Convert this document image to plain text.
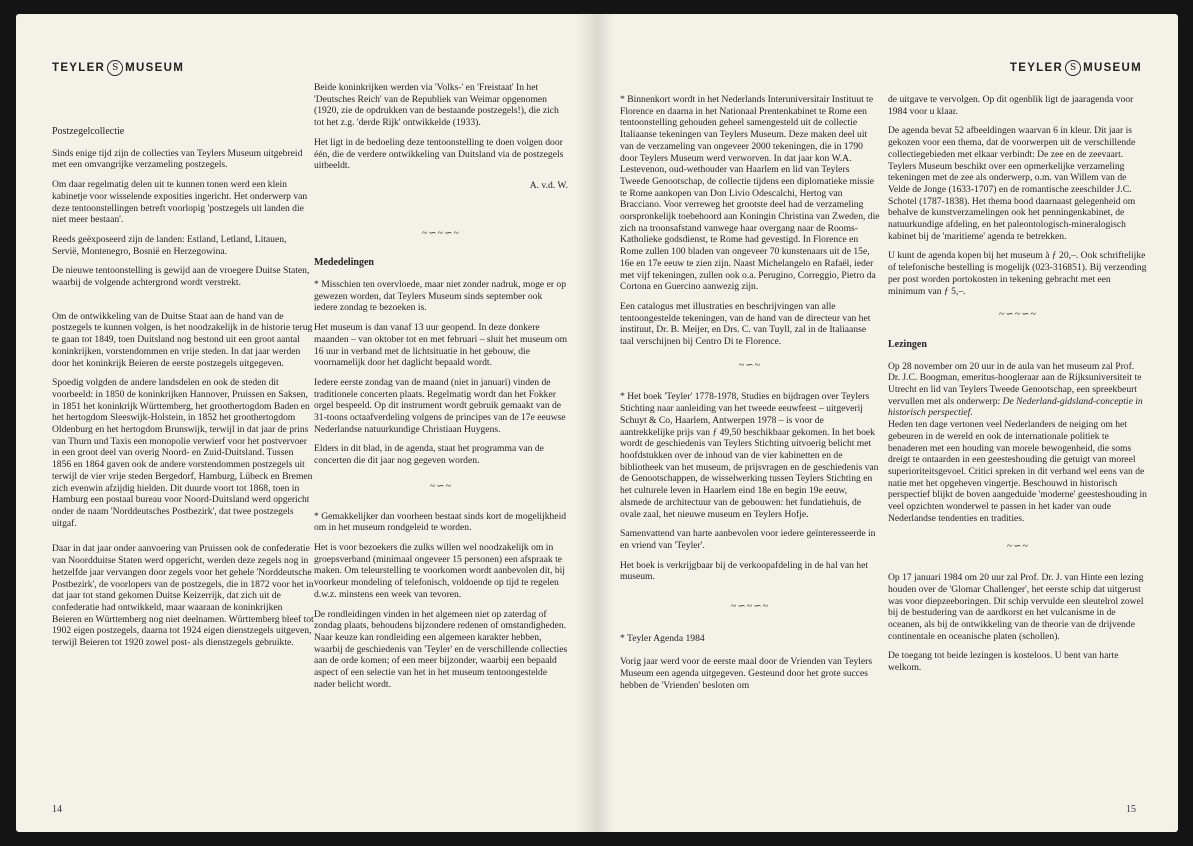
TEYLER S MUSEUM
Postzegelcollectie

Sinds enige tijd zijn de collecties van Teylers Museum uitgebreid met een omvangrijke verzameling postzegels.

Om daar regelmatig delen uit te kunnen tonen werd een klein kabinetje voor wisselende exposities ingericht. Het onderwerp van deze tentoonstellingen betreft voorlopig 'postzegels uit landen die niet meer bestaan'.

Reeds geëxposeerd zijn de landen: Estland, Letland, Litauen, Servië, Montenegro, Bosnië en Herzegowina.

De nieuwe tentoonstelling is gewijd aan de vroegere Duitse Staten, waarbij de volgende achtergrond wordt verstrekt.

Om de ontwikkeling van de Duitse Staat aan de hand van de postzegels te kunnen volgen, is het noodzakelijk in de historie terug te gaan tot 1849, toen Duitsland nog bestond uit een groot aantal koninkrijken, vorstendommen en vrije steden. In dat jaar werden door het koninkrijk Beieren de eerste postzegels uitgegeven.

Spoedig volgden de andere landsdelen en ook de steden dit voorbeeld: in 1850 de koninkrijken Hannover, Pruissen en Saksen, in 1851 het koninkrijk Württemberg, het groothertogdom Baden en het hertogdom Sleeswijk-Holstein, in 1852 het groothertogdom Oldenburg en het hertogdom Brunswijk, terwijl in dat jaar de prins van Thurn und Taxis een monopolie verwierf voor het postvervoer in een groot deel van overig Noord- en Zuid-Duitsland. Tussen 1856 en 1864 gaven ook de andere vorstendommen postzegels uit terwijl de vier vrije steden Bergedorf, Hamburg, Lübeck en Bremen zich evenwin afzijdig hielden. Dit duurde voort tot 1868, toen in Hamburg een postaal bureau voor Noord-Duitsland werd opgericht onder de naam 'Norddeutsches Postbezirk', dat twee postzegels uitgaf.

Daar in dat jaar onder aanvoering van Pruissen ook de confederatie van Noordduitse Staten werd opgericht, werden deze zegels nog in hetzelfde jaar vervangen door zegels voor het gehele 'Norddeutsche Postbezirk', de voorlopers van de postzegels, die in 1872 voor het in dat jaar tot stand gekomen Duitse Keizerrijk, dat zich uit de confederatie had ontwikkeld, maar waaraan de koninkrijken Beieren en Württemberg nog niet deelnamen. Württemberg bleef tot 1902 eigen postzegels, daarna tot 1924 eigen dienstzegels uitgeven, terwijl Beieren tot 1920 zowel post- als dienstzegels gebruikte.

Beide koninkrijken werden via 'Volks-' en 'Freistaat' In het 'Deutsches Reich' van de Republiek van Weimar opgenomen (1920, zie de opdrukken van de bestaande postzegels!), die zich tot het z.g. 'derde Rijk' ontwikkelde (1933).

Het ligt in de bedoeling deze tentoonstelling te doen volgen door één, die de verdere ontwikkeling van Duitsland via de postzegels uitbeeldt.

A. v.d. W.

~∽~∽~

Mededelingen

* Misschien ten overvloede, maar niet zonder nadruk, moge er op gewezen worden, dat Teylers Museum sinds september ook iedere zondag te bezoeken is.

Het museum is dan vanaf 13 uur geopend. In deze donkere maanden – van oktober tot en met februari – sluit het museum om 16 uur in verband met de lichtsituatie in het gebouw, die voornamelijk door het daglicht bepaald wordt.

Iedere eerste zondag van de maand (niet in januari) vinden de traditionele concerten plaats. Regelmatig wordt dan het Fokker orgel bespeeld. Op dit instrument wordt gebruik gemaakt van de 31-toons octaafverdeling volgens de principes van de 17e eeuwse Nederlandse natuurkundige Christiaan Huygens.

Elders in dit blad, in de agenda, staat het programma van de concerten die dit jaar nog gegeven worden.

~∽~

* Gemakkelijker dan voorheen bestaat sinds kort de mogelijkheid om in het museum rondgeleid te worden.

Het is voor bezoekers die zulks willen wel noodzakelijk om in groepsverband (minimaal ongeveer 15 personen) een afspraak te maken. Om teleurstelling te voorkomen wordt aanbevolen dit, bij voorkeur mondeling of telefonisch, voldoende op tijd te regelen d.w.z. minstens een week van tevoren.

De rondleidingen vinden in het algemeen niet op zaterdag of zondag plaats, behoudens bijzondere redenen of omstandigheden. Naar keuze kan rondleiding een algemeen karakter hebben, waarbij de geschiedenis van 'Teyler' en de verschillende collecties aan de orde komen; of een meer bijzonder, waarbij een bepaald aspect of een selectie van het in het museum tentoongestelde nader belicht wordt.

14
TEYLER S MUSEUM

* Binnenkort wordt in het Nederlands Interuniversitair Instituut te Florence en daarna in het Nationaal Prentenkabinet te Rome een tentoonstelling gehouden geheel samengesteld uit de collectie Italiaanse tekeningen van Teylers Museum. Deze maken deel uit van de verzameling van ongeveer 2000 tekeningen, die in 1790 door Teylers Museum werd verworven. In dat jaar kon W.A. Lestevenon, oud-wethouder van Haarlem en lid van Teylers Tweede Genootschap, de collectie tijdens een diplomatieke missie te Rome aankopen van Don Livio Odescalchi, Hertog van Bracciano. Voor verreweg het grootste deel had de verzameling oorspronkelijk toebehoord aan Koningin Christina van Zweden, die zich na troonsafstand vanwege haar overgang naar de Rooms-Katholieke godsdienst, te Rome had gevestigd. In Florence en Rome zullen 100 bladen van ongeveer 70 kunstenaars uit de 15e, 16e en 17e eeuw te zien zijn. Naast Michelangelo en Rafaël, ieder met vijf tekeningen, zullen ook o.a. Perugino, Correggio, Pietro da Cortona en Guercino aanwezig zijn.

Een catalogus met illustraties en beschrijvingen van alle tentoongestelde tekeningen, van de hand van de directeur van het instituut, Dr. B. Meijer, en Drs. C. van Tuyll, zal in de Italiaanse taal verschijnen bij Centro Di te Florence.

~∽~

* Het boek 'Teyler' 1778-1978, Studies en bijdragen over Teylers Stichting naar aanleiding van het tweede eeuwfeest – uitgeverij Schuyt & Co, Haarlem, Antwerpen 1978 – is voor de aantrekkelijke prijs van ƒ 49,50 beschikbaar gekomen. In het boek wordt de geschiedenis van Teylers Stichting uitvoerig belicht met hoofdstukken over de inhoud van de vier kabinetten en de bibliotheek van het museum, de prijsvragen en de geschiedenis van de Genootschappen, de wisselwerking tussen Teylers Stichting en het culturele leven in Haarlem eind 18e en begin 19e eeuw, alsmede de architectuur van de gebouwen: het fundatiehuis, de ovale zaal, het nieuwe museum en Teylers Hofje.

Samenvattend van harte aanbevolen voor iedere geïnteresseerde in en vriend van 'Teyler'.

Het boek is verkrijgbaar bij de verkoopafdeling in de hal van het museum.

~∽~∽~

* Teyler Agenda 1984

Vorig jaar werd voor de eerste maal door de Vrienden van Teylers Museum een agenda uitgegeven. Gesteund door het grote succes hebben de 'Vrienden' besloten om

de uitgave te vervolgen. Op dit ogenblik ligt de jaaragenda voor 1984 voor u klaar.

De agenda bevat 52 afbeeldingen waarvan 6 in kleur. Dit jaar is gekozen voor een thema, dat de voorwerpen uit de verschillende collectiegebieden met elkaar verbindt: De zee en de zeevaart. Teylers Museum beschikt over een opmerkelijke verzameling tekeningen met de zee als onderwerp, o.m. van Willem van de Velde de Jonge (1633-1707) en de romantische zeeschilder J.C. Schotel (1787-1838). Het thema bood daarnaast gelegenheid om behalve de kunstverzamelingen ook het penningenkabinet, de natuurkundige afdeling, en het paleontologisch-mineralogisch kabinet bij de 'maritieme' agenda te betrekken.

U kunt de agenda kopen bij het museum à ƒ 20,–. Ook schriftelijke of telefonische bestelling is mogelijk (023-316851). Bij verzending per post worden portokosten in tekening gebracht met een minimum van ƒ 5,–.

~∽~∽~

Lezingen

Op 28 november om 20 uur in de aula van het museum zal Prof. Dr. J.C. Boogman, emeritus-hoogleraar aan de Rijksuniversiteit te Utrecht en lid van Teylers Tweede Genootschap, een spreekbeurt vervullen met als onderwerp: De Nederland-gidsland-conceptie in historisch perspectief.
Heden ten dage vertonen veel Nederlanders de neiging om het gebeuren in de wereld en ook de internationale politiek te benaderen met een houding van morele bewogenheid, die soms dreigt te ontaarden in een geesteshouding die getuigt van moreel superioriteitsgevoel. Critici spreken in dit verband wel eens van de natie met het opgeheven vingertje. Beschouwd in historisch perspectief blijkt de boven aangeduide 'moderne' geesteshouding in veel opzichten wonderwel te passen in het kader van oude Nederlandse tendenties en tradities.

~∽~

Op 17 januari 1984 om 20 uur zal Prof. Dr. J. van Hinte een lezing houden over de 'Glomar Challenger', het eerste schip dat uitgerust was voor diepzeeboringen. Dit schip vervulde een sleutelrol zowel bij de bestudering van de aardkorst en het vulcanisme in de oceanen, als bij de ontwikkeling van de theorie van de drijvende continentale en oceanische platen (schollen).

De toegang tot beide lezingen is kosteloos. U bent van harte welkom.

15
